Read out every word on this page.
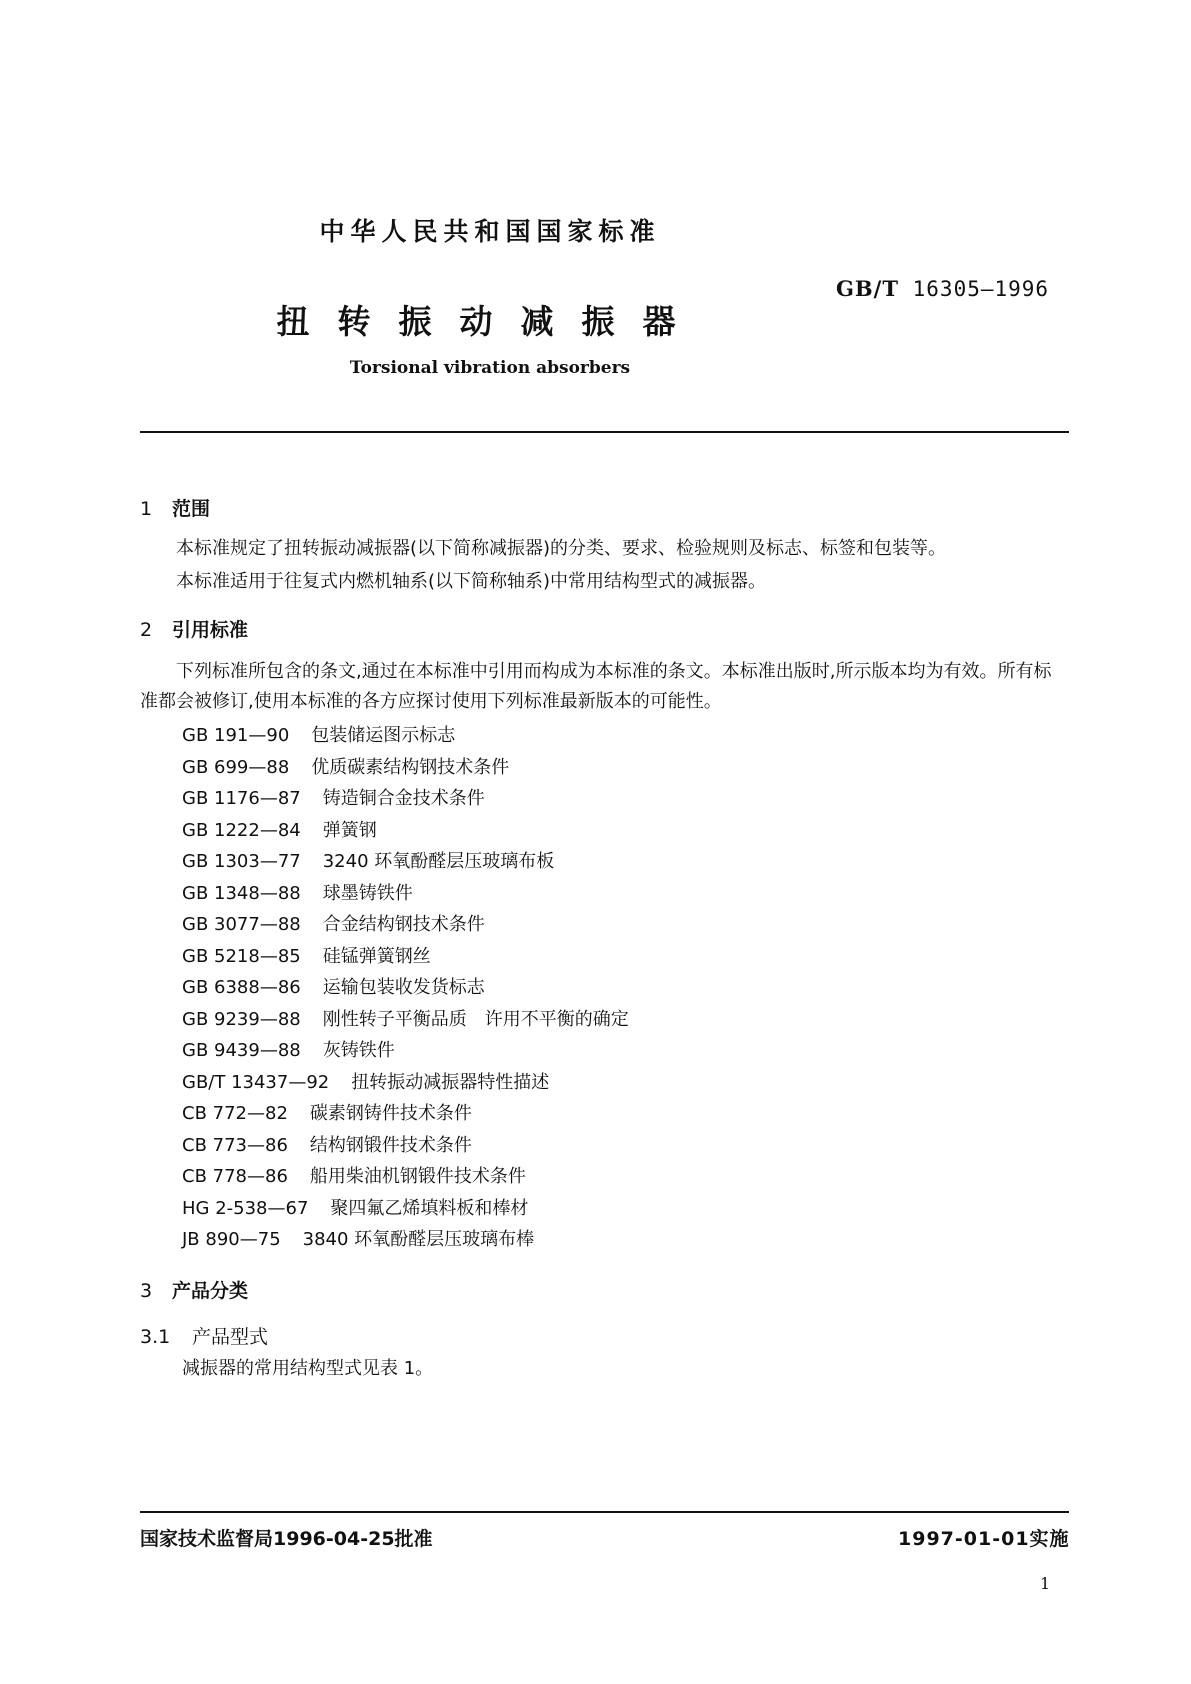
中华人民共和国国家标准
GB/T 16305—1996
扭转振动减振器
Torsional vibration absorbers
1 范围
本标准规定了扭转振动减振器(以下简称减振器)的分类、要求、检验规则及标志、标签和包装等。
本标准适用于往复式内燃机轴系(以下简称轴系)中常用结构型式的减振器。
2 引用标准
下列标准所包含的条文,通过在本标准中引用而构成为本标准的条文。本标准出版时,所示版本均为有效。所有标准都会被修订,使用本标准的各方应探讨使用下列标准最新版本的可能性。
GB 191—90 包装储运图示标志
GB 699—88 优质碳素结构钢技术条件
GB 1176—87 铸造铜合金技术条件
GB 1222—84 弹簧钢
GB 1303—77 3240 环氧酚醛层压玻璃布板
GB 1348—88 球墨铸铁件
GB 3077—88 合金结构钢技术条件
GB 5218—85 硅锰弹簧钢丝
GB 6388—86 运输包装收发货标志
GB 9239—88 刚性转子平衡品质　许用不平衡的确定
GB 9439—88 灰铸铁件
GB/T 13437—92 扭转振动减振器特性描述
CB 772—82 碳素钢铸件技术条件
CB 773—86 结构钢锻件技术条件
CB 778—86 船用柴油机钢锻件技术条件
HG 2-538—67 聚四氟乙烯填料板和棒材
JB 890—75 3840 环氧酚醛层压玻璃布棒
3 产品分类
3.1 产品型式
减振器的常用结构型式见表 1。
国家技术监督局1996-04-25批准	1997-01-01实施
1
